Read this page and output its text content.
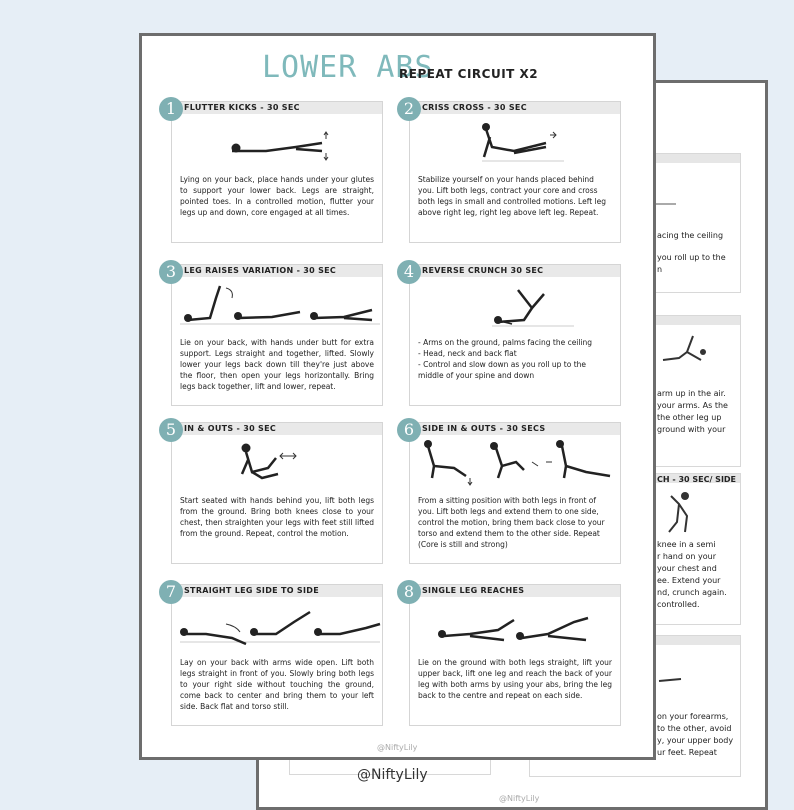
acing the ceiling
you roll up to the
n
arm up in the air.
your arms. As the
the other leg up
ground with your
CH - 30 SEC/ SIDE
knee in a semi
r hand on your
your chest and
ee. Extend your
nd, crunch again.
controlled.
on your forearms,
to the other, avoid
y, your upper body
ur feet. Repeat
@NiftyLily
LOWER ABS
REPEAT CIRCUIT X2
FLUTTER KICKS - 30 SEC
Lying on your back, place hands under your glutes to support your lower back. Legs are straight, pointed toes. In a controlled motion, flutter your legs up and down, core engaged at all times.
1	CRISS CROSS - 30 SEC
Stabilize yourself on your hands placed behind you. Lift both legs, contract your core and cross both legs in small and controlled motions. Left leg above right leg, right leg above left leg. Repeat.
2
LEG RAISES VARIATION - 30 SEC
Lie on your back, with hands under butt for extra support. Legs straight and together, lifted. Slowly lower your legs back down till they're just above the floor, then open your legs horizontally. Bring legs back together, lift and lower, repeat.
3	REVERSE CRUNCH 30 SEC
- Arms on the ground, palms facing the ceiling
- Head, neck and back flat
- Control and slow down as you roll up to the middle of your spine and down
4
IN & OUTS - 30 SEC
Start seated with hands behind you, lift both legs from the ground. Bring both knees close to your chest, then straighten your legs with feet still lifted from the ground. Repeat, control the motion.
5	SIDE IN & OUTS - 30 SECS
From a sitting position with both legs in front of you. Lift both legs and extend them to one side, control the motion, bring them back close to your torso and extend them to the other side. Repeat
(Core is still and strong)
6
STRAIGHT LEG SIDE TO SIDE
Lay on your back with arms wide open. Lift both legs straight in front of you. Slowly bring both legs to your right side without touching the ground, come back to center and bring them to your left side. Back flat and torso still.
7	SINGLE LEG REACHES
Lie on the ground with both legs straight, lift your upper back, lift one leg and reach the back of your leg with both arms by using your abs, bring the leg back to the centre and repeat on each side.
8
@NiftyLily
@NiftyLily
